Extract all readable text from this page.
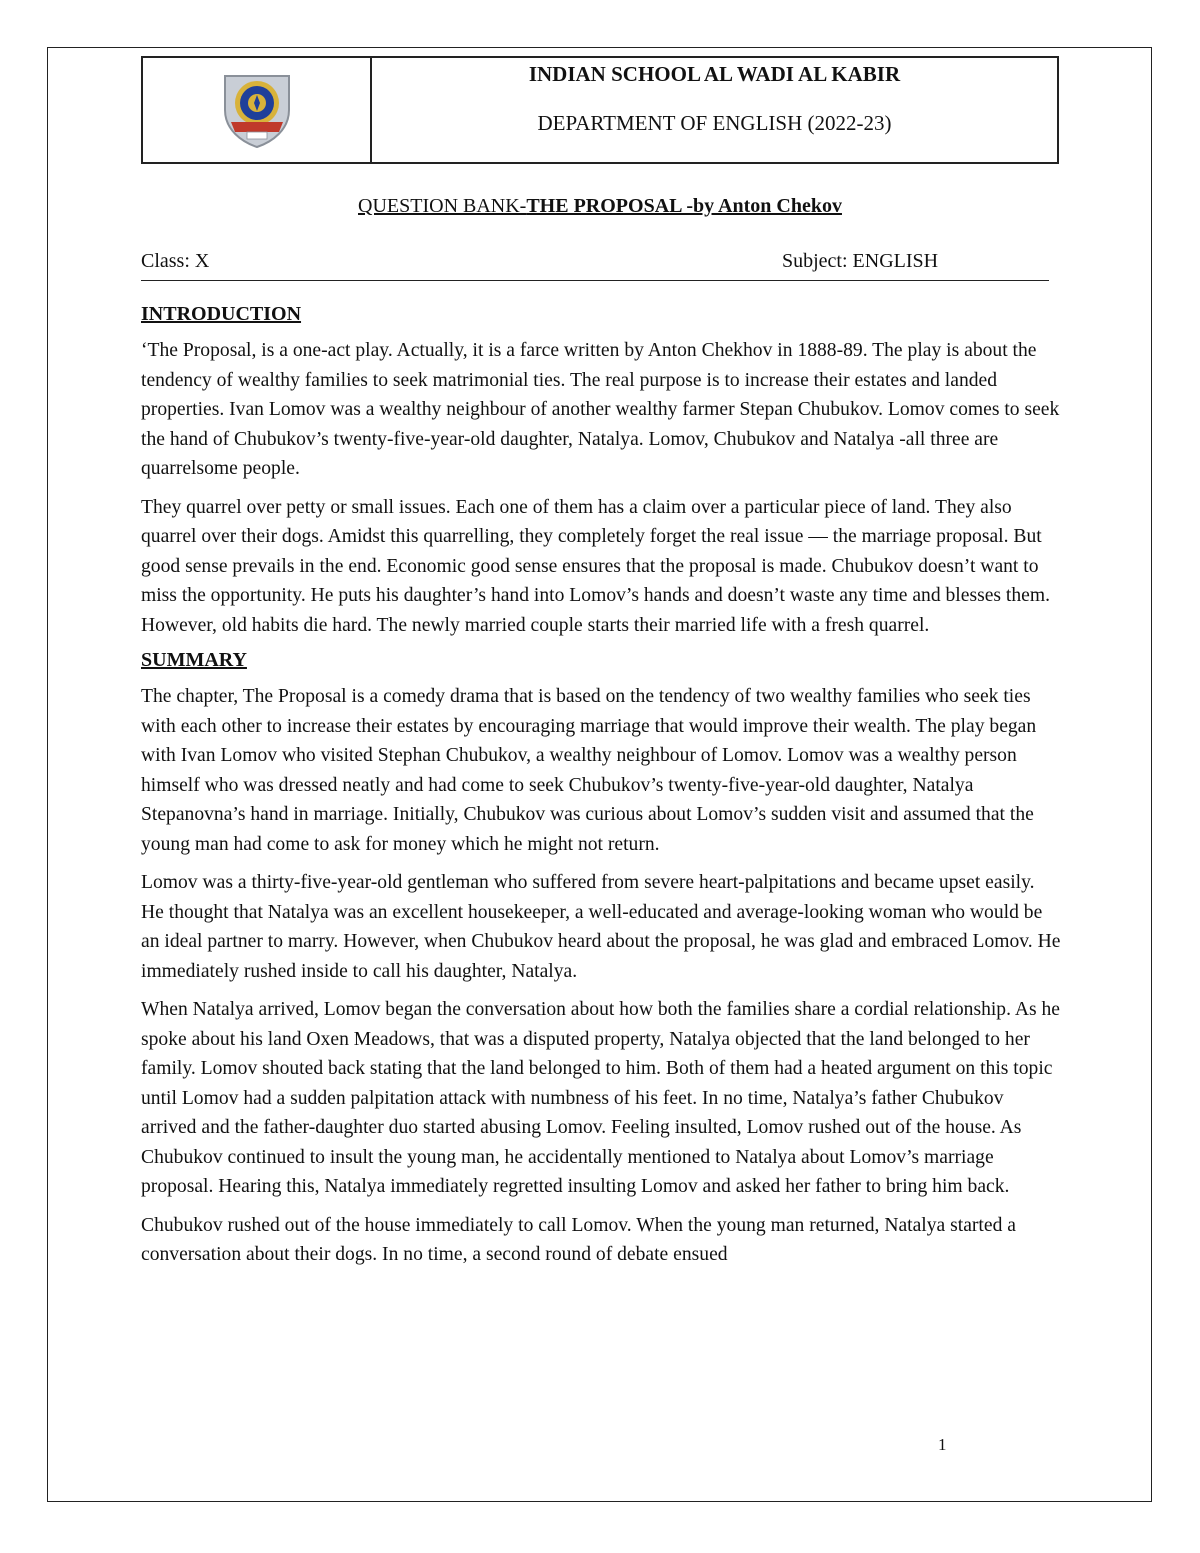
INDIAN SCHOOL AL WADI AL KABIR
DEPARTMENT OF ENGLISH (2022-23)
QUESTION BANK-THE PROPOSAL -by Anton Chekov
Class: X	Subject: ENGLISH
INTRODUCTION

‘The Proposal, is a one-act play. Actually, it is a farce written by Anton Chekhov in 1888-89. The play is about the tendency of wealthy families to seek matrimonial ties. The real purpose is to increase their estates and landed properties. Ivan Lomov was a wealthy neighbour of another wealthy farmer Stepan Chubukov. Lomov comes to seek the hand of Chubukov’s twenty-five-year-old daughter, Natalya. Lomov, Chubukov and Natalya -all three are quarrelsome people.

They quarrel over petty or small issues. Each one of them has a claim over a particular piece of land. They also quarrel over their dogs. Amidst this quarrelling, they completely forget the real issue — the marriage proposal. But good sense prevails in the end. Economic good sense ensures that the proposal is made. Chubukov doesn’t want to miss the opportunity. He puts his daughter’s hand into Lomov’s hands and doesn’t waste any time and blesses them. However, old habits die hard. The newly married couple starts their married life with a fresh quarrel.

SUMMARY

The chapter, The Proposal is a comedy drama that is based on the tendency of two wealthy families who seek ties with each other to increase their estates by encouraging marriage that would improve their wealth. The play began with Ivan Lomov who visited Stephan Chubukov, a wealthy neighbour of Lomov. Lomov was a wealthy person himself who was dressed neatly and had come to seek Chubukov’s twenty-five-year-old daughter, Natalya Stepanovna’s hand in marriage. Initially, Chubukov was curious about Lomov’s sudden visit and assumed that the young man had come to ask for money which he might not return.

Lomov was a thirty-five-year-old gentleman who suffered from severe heart-palpitations and became upset easily. He thought that Natalya was an excellent housekeeper, a well-educated and average-looking woman who would be an ideal partner to marry. However, when Chubukov heard about the proposal, he was glad and embraced Lomov. He immediately rushed inside to call his daughter, Natalya.

When Natalya arrived, Lomov began the conversation about how both the families share a cordial relationship. As he spoke about his land Oxen Meadows, that was a disputed property, Natalya objected that the land belonged to her family. Lomov shouted back stating that the land belonged to him. Both of them had a heated argument on this topic until Lomov had a sudden palpitation attack with numbness of his feet. In no time, Natalya’s father Chubukov arrived and the father-daughter duo started abusing Lomov. Feeling insulted, Lomov rushed out of the house. As Chubukov continued to insult the young man, he accidentally mentioned to Natalya about Lomov’s marriage proposal. Hearing this, Natalya immediately regretted insulting Lomov and asked her father to bring him back.

Chubukov rushed out of the house immediately to call Lomov. When the young man returned, Natalya started a conversation about their dogs. In no time, a second round of debate ensued

1
